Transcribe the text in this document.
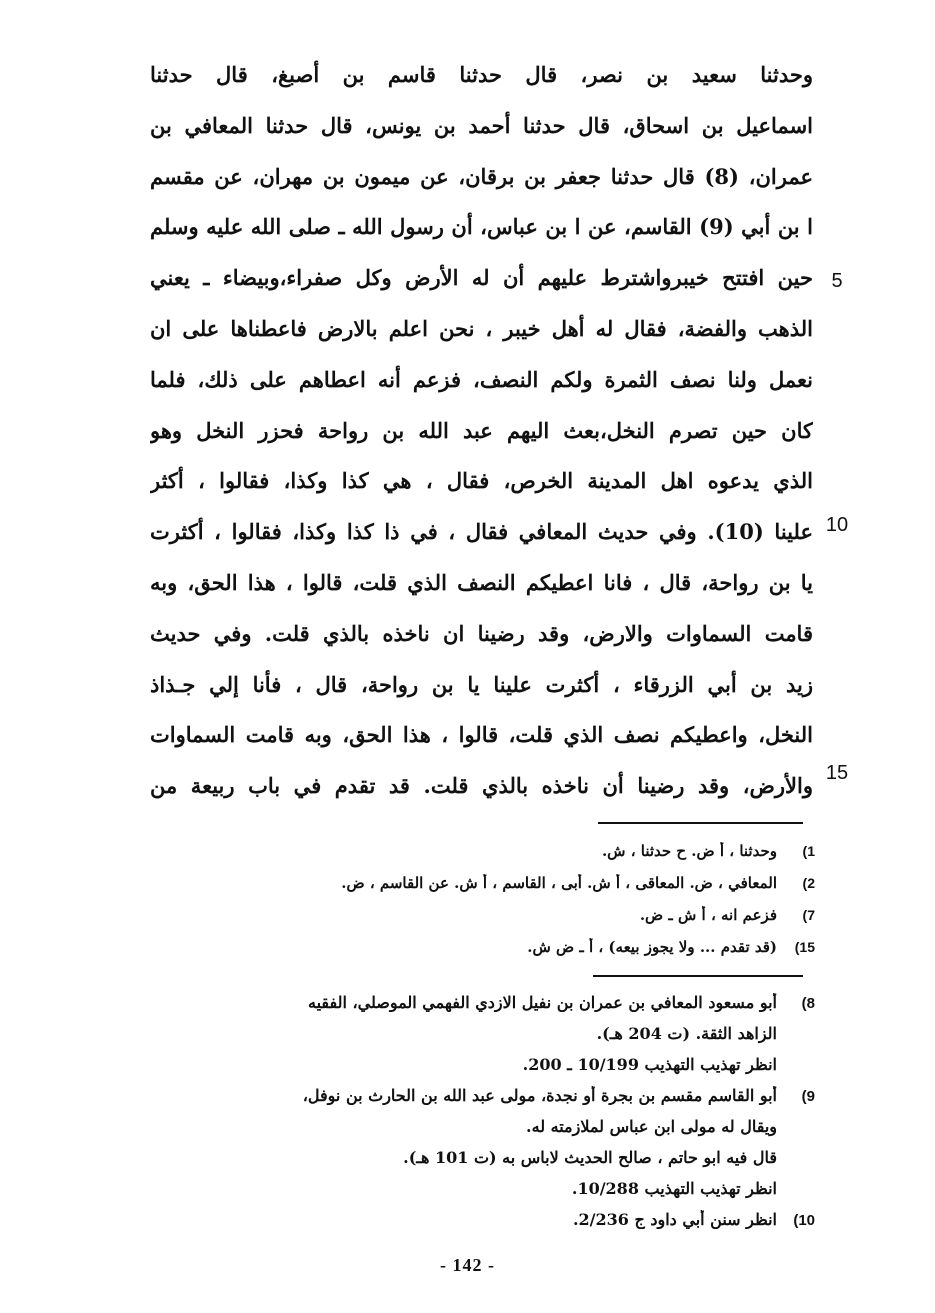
وحدثنا سعيد بن نصر، قال حدثنا قاسم بن أصبغ، قال حدثنا
اسماعيل بن اسحاق، قال حدثنا أحمد بن يونس، قال حدثنا المعافي بن
عمران، (8) قال حدثنا جعفر بن برقان، عن ميمون بن مهران، عن مقسم
ا بن أبي (9) القاسم، عن ا بن عباس، أن رسول الله ـ صلى الله عليه وسلم
حين افتتح خيبرواشترط عليهم أن له الأرض وكل صفراء،وبيضاء ـ يعني
الذهب والفضة، فقال له أهل خيبر ، نحن اعلم بالارض فاعطناها على ان
نعمل ولنا نصف الثمرة ولكم النصف، فزعم أنه اعطاهم على ذلك، فلما
كان حين تصرم النخل،بعث اليهم عبد الله بن رواحة فحزر النخل وهو
الذي يدعوه اهل المدينة الخرص، فقال ، هي كذا وكذا، فقالوا ، أكثر
علينا (10). وفي حديث المعافي فقال ، في ذا كذا وكذا، فقالوا ، أكثرت
يا بن رواحة، قال ، فانا اعطيكم النصف الذي قلت، قالوا ، هذا الحق، وبه
قامت السماوات والارض، وقد رضينا ان ناخذه بالذي قلت. وفي حديث
زيد بن أبي الزرقاء ، أكثرت علينا يا بن رواحة، قال ، فأنا إلي جـذاذ
النخل، واعطيكم نصف الذي قلت، قالوا ، هذا الحق، وبه قامت السماوات
والأرض، وقد رضينا أن ناخذه بالذي قلت. قد تقدم في باب ربيعة من
5
10
15
1)
وحدثنا ، أ ض. ح حدثنا ، ش.
2)
المعافي ، ض. المعاقى ، أ ش. أبى ، القاسم ، أ ش. عن القاسم ، ض.
7)
فزعم انه ، أ ش ـ ض.
15)
(قد تقدم ... ولا يجوز بيعه) ، أ ـ ض ش.
8)
أبو مسعود المعافي بن عمران بن نفيل الازدي الفهمي الموصلي، الفقيه
الزاهد الثقة. (ت 204 هـ).
انظر تهذيب التهذيب 10/199 ـ 200.
9)
أبو القاسم مقسم بن بجرة أو نجدة، مولى عبد الله بن الحارث بن نوفل،
ويقال له مولى ابن عباس لملازمته له.
قال فيه ابو حاتم ، صالح الحديث لاباس به (ت 101 هـ).
انظر تهذيب التهذيب 10/288.
10)
انظر سنن أبي داود ج 2/236.
- 142 -
